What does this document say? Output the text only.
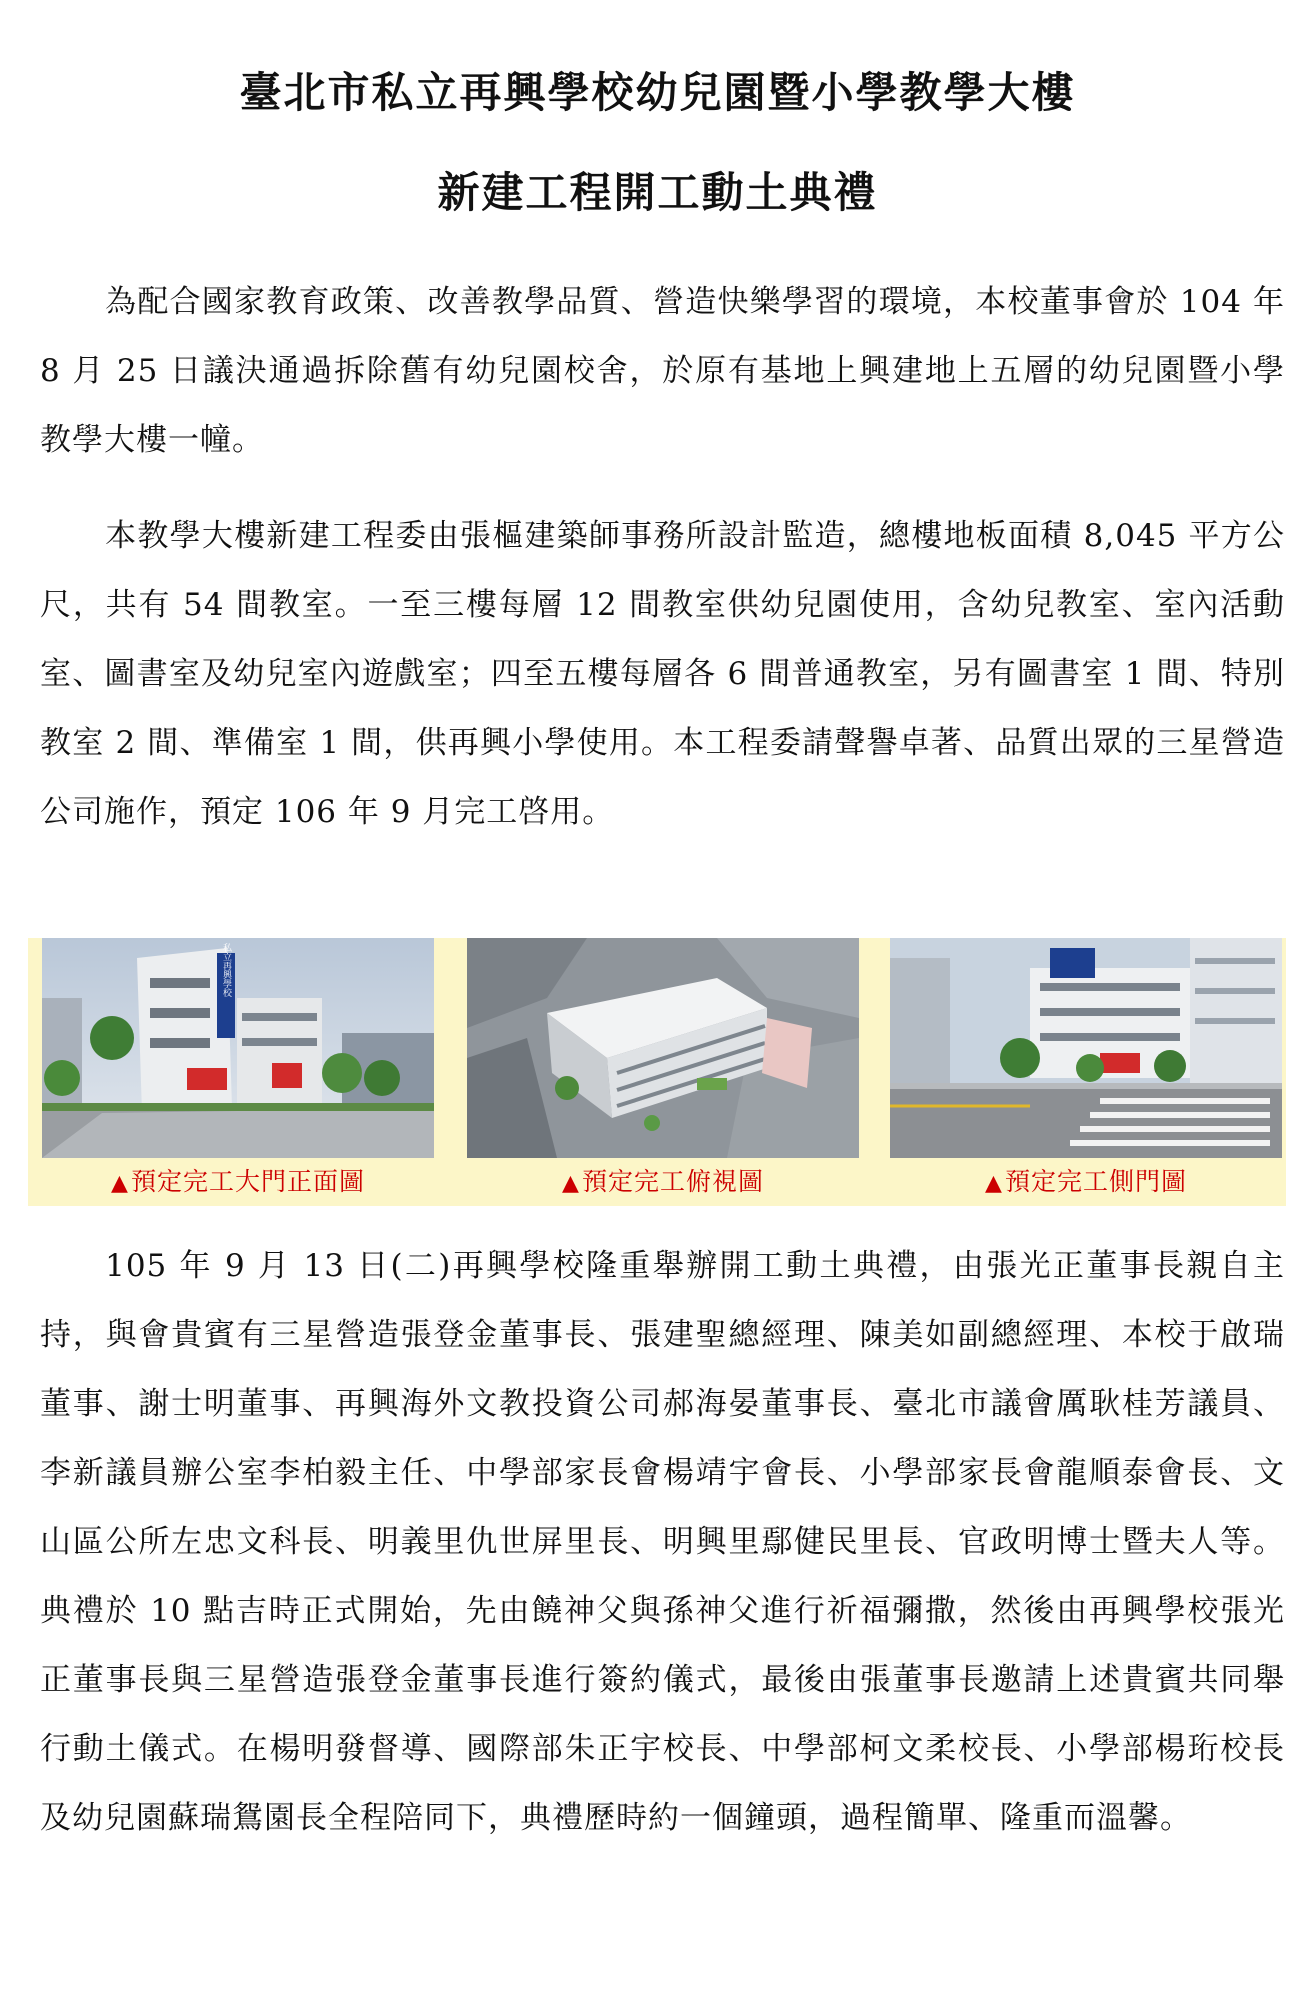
臺北市私立再興學校幼兒園暨小學教學大樓
新建工程開工動土典禮

為配合國家教育政策、改善教學品質、營造快樂學習的環境，本校董事會於 104 年 8 月 25 日議決通過拆除舊有幼兒園校舍，於原有基地上興建地上五層的幼兒園暨小學教學大樓一幢。

本教學大樓新建工程委由張樞建築師事務所設計監造，總樓地板面積 8,045 平方公尺，共有 54 間教室。一至三樓每層 12 間教室供幼兒園使用，含幼兒教室、室內活動室、圖書室及幼兒室內遊戲室；四至五樓每層各 6 間普通教室，另有圖書室 1 間、特別教室 2 間、準備室 1 間，供再興小學使用。本工程委請聲譽卓著、品質出眾的三星營造公司施作，預定 106 年 9 月完工啓用。

私立再興學校
▲預定完工大門正面圖	▲預定完工俯視圖	▲預定完工側門圖

105 年 9 月 13 日(二)再興學校隆重舉辦開工動土典禮，由張光正董事長親自主持，與會貴賓有三星營造張登金董事長、張建聖總經理、陳美如副總經理、本校于啟瑞董事、謝士明董事、再興海外文教投資公司郝海晏董事長、臺北市議會厲耿桂芳議員、李新議員辦公室李柏毅主任、中學部家長會楊靖宇會長、小學部家長會龍順泰會長、文山區公所左忠文科長、明義里仇世屏里長、明興里鄢健民里長、官政明博士暨夫人等。典禮於 10 點吉時正式開始，先由饒神父與孫神父進行祈福彌撒，然後由再興學校張光正董事長與三星營造張登金董事長進行簽約儀式，最後由張董事長邀請上述貴賓共同舉行動土儀式。在楊明發督導、國際部朱正宇校長、中學部柯文柔校長、小學部楊珩校長及幼兒園蘇瑞鴛園長全程陪同下，典禮歷時約一個鐘頭，過程簡單、隆重而溫馨。
